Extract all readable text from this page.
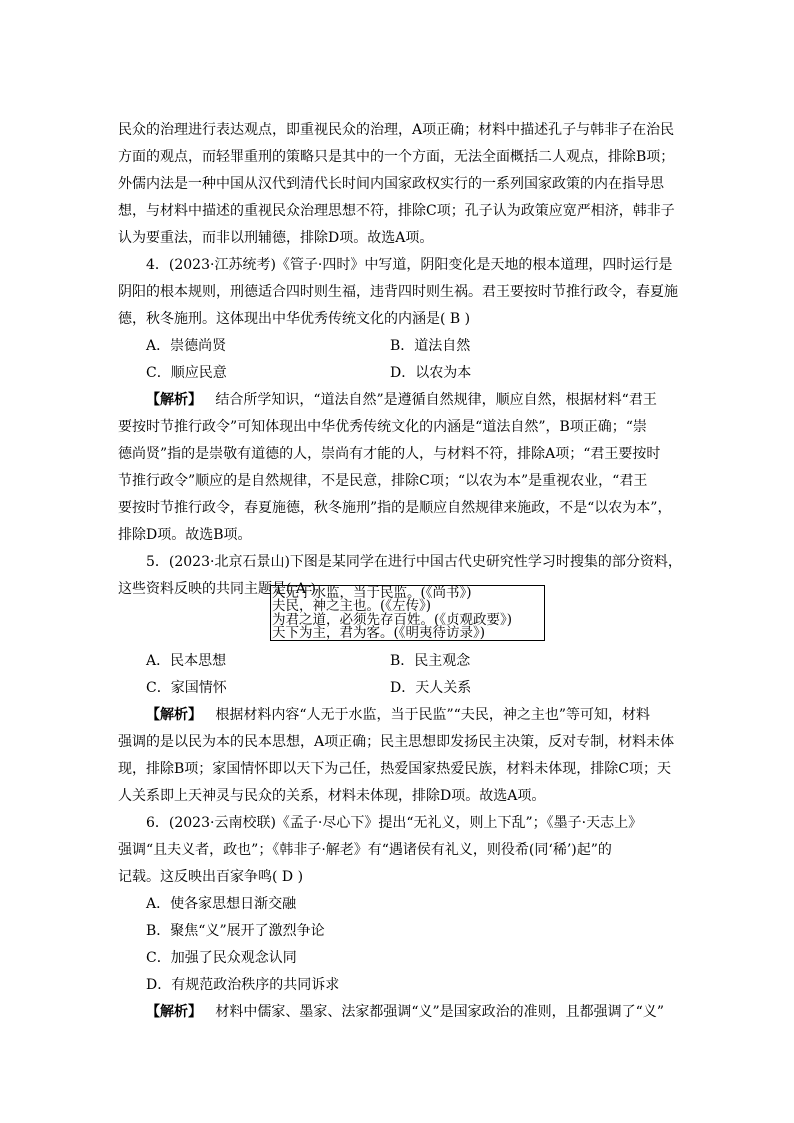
民众的治理进行表达观点，即重视民众的治理，A项正确；材料中描述孔子与韩非子在治民
方面的观点，而轻罪重刑的策略只是其中的一个方面，无法全面概括二人观点，排除B项；
外儒内法是一种中国从汉代到清代长时间内国家政权实行的一系列国家政策的内在指导思
想，与材料中描述的重视民众治理思想不符，排除C项；孔子认为政策应宽严相济，韩非子
认为要重法，而非以刑辅德，排除D项。故选A项。
4．(2023·江苏统考)《管子·四时》中写道，阴阳变化是天地的根本道理，四时运行是
阴阳的根本规则，刑德适合四时则生福，违背四时则生祸。君王要按时节推行政令，春夏施
德，秋冬施刑。这体现出中华优秀传统文化的内涵是( B )
A．崇德尚贤	B．道法自然
C．顺应民意	D．以农为本
【解析】 结合所学知识，“道法自然”是遵循自然规律，顺应自然，根据材料“君王
要按时节推行政令”可知体现出中华优秀传统文化的内涵是“道法自然”，B项正确；“崇
德尚贤”指的是崇敬有道德的人，崇尚有才能的人，与材料不符，排除A项；“君王要按时
节推行政令”顺应的是自然规律，不是民意，排除C项；“以农为本”是重视农业，“君王
要按时节推行政令，春夏施德，秋冬施刑”指的是顺应自然规律来施政，不是“以农为本”，
排除D项。故选B项。
5．(2023·北京石景山)下图是某同学在进行中国古代史研究性学习时搜集的部分资料，
这些资料反映的共同主题是( A )
人无于水监，当于民监。(《尚书》)
夫民，神之主也。(《左传》)
为君之道，必须先存百姓。(《贞观政要》)
天下为主，君为客。(《明夷待访录》)
A．民本思想	B．民主观念
C．家国情怀	D．天人关系
【解析】 根据材料内容“人无于水监，当于民监”“夫民，神之主也”等可知，材料
强调的是以民为本的民本思想，A项正确；民主思想即发扬民主决策，反对专制，材料未体
现，排除B项；家国情怀即以天下为己任，热爱国家热爱民族，材料未体现，排除C项；天
人关系即上天神灵与民众的关系，材料未体现，排除D项。故选A项。
6．(2023·云南校联)《孟子·尽心下》提出“无礼义，则上下乱”；《墨子·天志上》
强调“且夫义者，政也”；《韩非子·解老》有“遇诸侯有礼义，则役希(同‘稀’)起”的
记载。这反映出百家争鸣( D )
A．使各家思想日渐交融
B．聚焦“义”展开了激烈争论
C．加强了民众观念认同
D．有规范政治秩序的共同诉求
【解析】 材料中儒家、墨家、法家都强调“义”是国家政治的准则，且都强调了“义”
